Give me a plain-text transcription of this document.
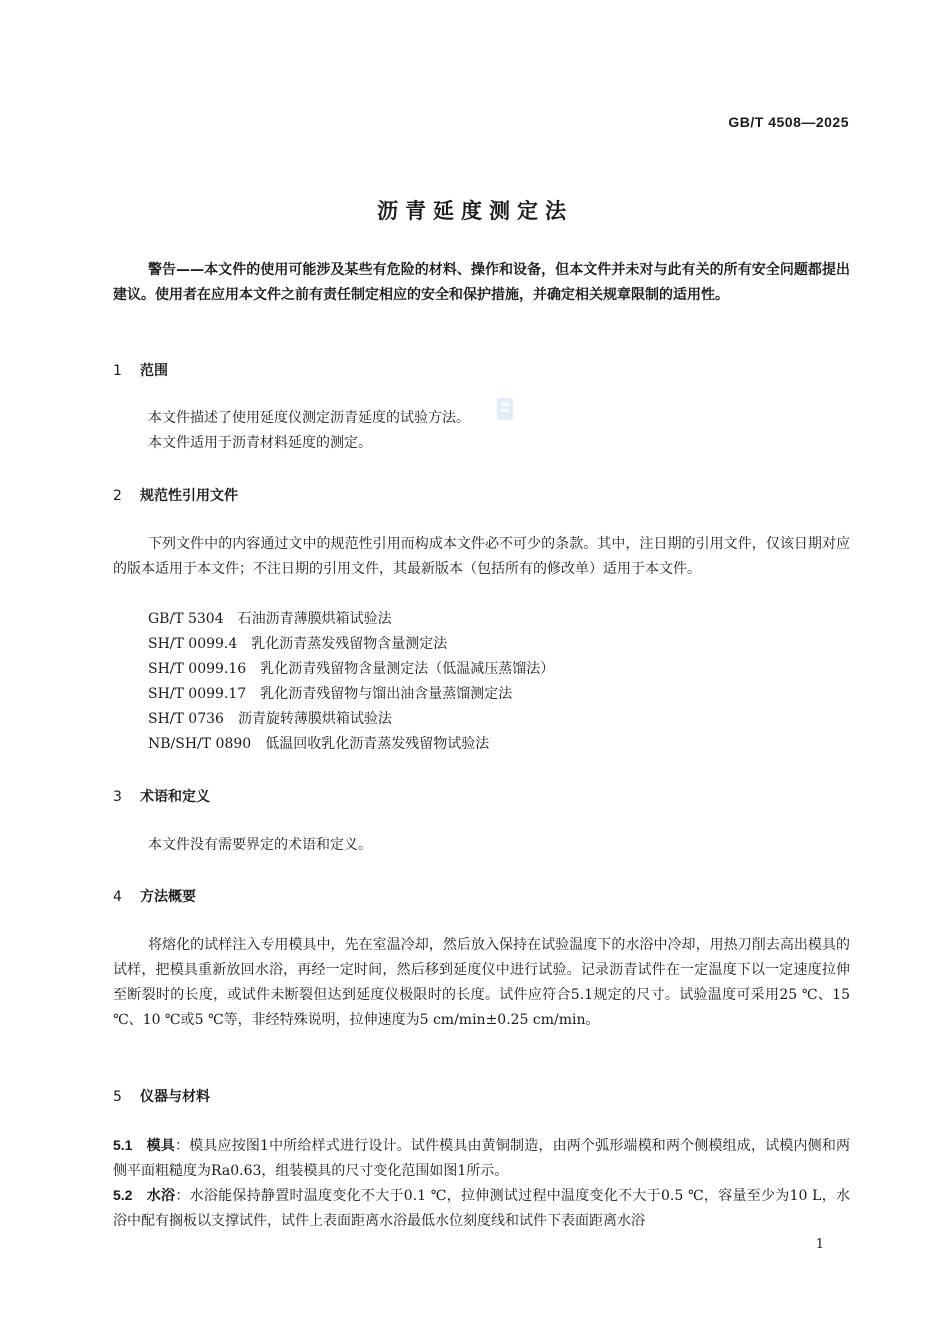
GB/T 4508—2025
沥青延度测定法
警告——本文件的使用可能涉及某些有危险的材料、操作和设备，但本文件并未对与此有关的所有安全问题都提出建议。使用者在应用本文件之前有责任制定相应的安全和保护措施，并确定相关规章限制的适用性。
1 范围
本文件描述了使用延度仪测定沥青延度的试验方法。
本文件适用于沥青材料延度的测定。
2 规范性引用文件
下列文件中的内容通过文中的规范性引用而构成本文件必不可少的条款。其中，注日期的引用文件，仅该日期对应的版本适用于本文件；不注日期的引用文件，其最新版本（包括所有的修改单）适用于本文件。
GB/T 5304 石油沥青薄膜烘箱试验法
SH/T 0099.4 乳化沥青蒸发残留物含量测定法
SH/T 0099.16 乳化沥青残留物含量测定法（低温减压蒸馏法）
SH/T 0099.17 乳化沥青残留物与馏出油含量蒸馏测定法
SH/T 0736 沥青旋转薄膜烘箱试验法
NB/SH/T 0890 低温回收乳化沥青蒸发残留物试验法
3 术语和定义
本文件没有需要界定的术语和定义。
4 方法概要
将熔化的试样注入专用模具中，先在室温冷却，然后放入保持在试验温度下的水浴中冷却，用热刀削去高出模具的试样，把模具重新放回水浴，再经一定时间，然后移到延度仪中进行试验。记录沥青试件在一定温度下以一定速度拉伸至断裂时的长度，或试件未断裂但达到延度仪极限时的长度。试件应符合5.1规定的尺寸。试验温度可采用25 ℃、15 ℃、10 ℃或5 ℃等，非经特殊说明，拉伸速度为5 cm/min±0.25 cm/min。
5 仪器与材料
5.1 模具：模具应按图1中所给样式进行设计。试件模具由黄铜制造，由两个弧形端模和两个侧模组成，试模内侧和两侧平面粗糙度为Ra0.63，组装模具的尺寸变化范围如图1所示。
5.2 水浴：水浴能保持静置时温度变化不大于0.1 ℃，拉伸测试过程中温度变化不大于0.5 ℃，容量至少为10 L，水浴中配有搁板以支撑试件，试件上表面距离水浴最低水位刻度线和试件下表面距离水浴
1
